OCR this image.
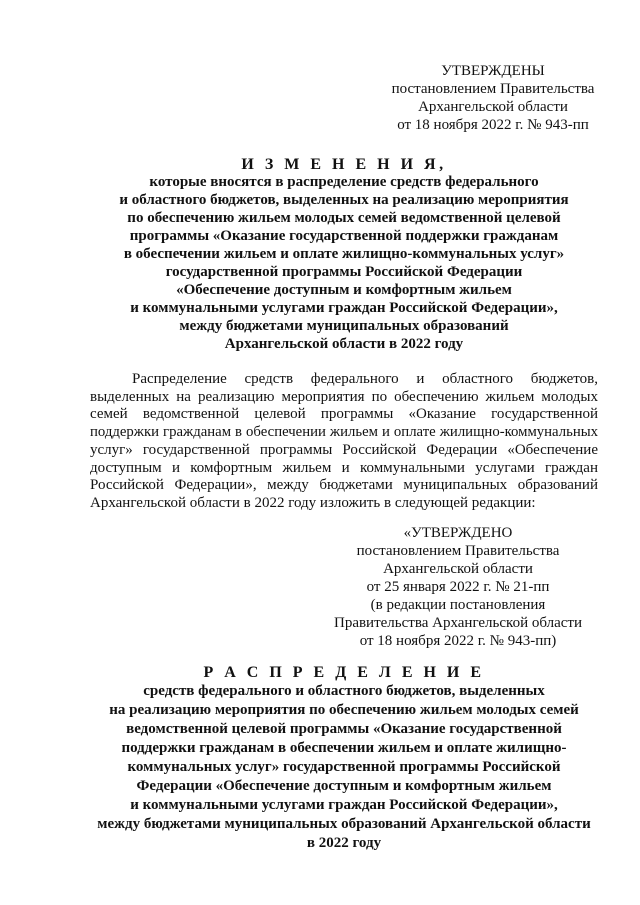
УТВЕРЖДЕНЫ
постановлением Правительства
Архангельской области
от 18 ноября 2022 г. № 943-пп
И З М Е Н Е Н И Я,
которые вносятся в распределение средств федерального
и областного бюджетов, выделенных на реализацию мероприятия
по обеспечению жильем молодых семей ведомственной целевой
программы «Оказание государственной поддержки гражданам
в обеспечении жильем и оплате жилищно-коммунальных услуг»
государственной программы Российской Федерации
«Обеспечение доступным и комфортным жильем
и коммунальными услугами граждан Российской Федерации»,
между бюджетами муниципальных образований
Архангельской области в 2022 году
Распределение средств федерального и областного бюджетов,
выделенных на реализацию мероприятия по обеспечению жильем молодых
семей ведомственной целевой программы «Оказание государственной
поддержки гражданам в обеспечении жильем и оплате жилищно-коммунальных
услуг» государственной программы Российской Федерации «Обеспечение
доступным и комфортным жильем и коммунальными услугами граждан
Российской Федерации», между бюджетами муниципальных образований
Архангельской области в 2022 году изложить в следующей редакции:
«УТВЕРЖДЕНО
постановлением Правительства
Архангельской области
от 25 января 2022 г. № 21-пп
(в редакции постановления
Правительства Архангельской области
от 18 ноября 2022 г. № 943-пп)
Р А С П Р Е Д Е Л Е Н И Е
средств федерального и областного бюджетов, выделенных
на реализацию мероприятия по обеспечению жильем молодых семей
ведомственной целевой программы «Оказание государственной
поддержки гражданам в обеспечении жильем и оплате жилищно-
коммунальных услуг» государственной программы Российской
Федерации «Обеспечение доступным и комфортным жильем
и коммунальными услугами граждан Российской Федерации»,
между бюджетами муниципальных образований Архангельской области
в 2022 году
